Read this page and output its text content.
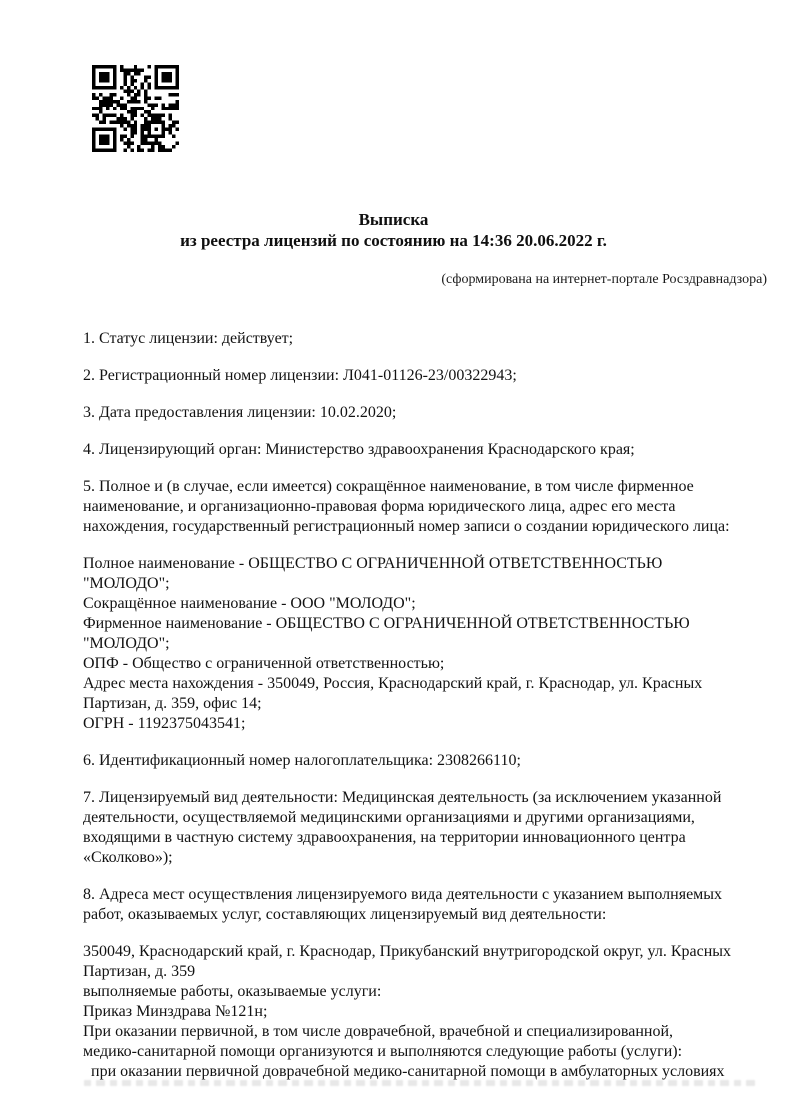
Выписка
из реестра лицензий по состоянию на 14:36 20.06.2022 г.
(сформирована на интернет-портале Росздравнадзора)
1. Статус лицензии: действует;
2. Регистрационный номер лицензии: Л041-01126-23/00322943;
3. Дата предоставления лицензии: 10.02.2020;
4. Лицензирующий орган: Министерство здравоохранения Краснодарского края;
5. Полное и (в случае, если имеется) сокращённое наименование, в том числе фирменное
наименование, и организационно-правовая форма юридического лица, адрес его места
нахождения, государственный регистрационный номер записи о создании юридического лица:
Полное наименование - ОБЩЕСТВО С ОГРАНИЧЕННОЙ ОТВЕТСТВЕННОСТЬЮ
"МОЛОДО";
Сокращённое наименование - ООО "МОЛОДО";
Фирменное наименование - ОБЩЕСТВО С ОГРАНИЧЕННОЙ ОТВЕТСТВЕННОСТЬЮ
"МОЛОДО";
ОПФ - Общество с ограниченной ответственностью;
Адрес места нахождения - 350049, Россия, Краснодарский край, г. Краснодар, ул. Красных
Партизан, д. 359, офис 14;
ОГРН - 1192375043541;
6. Идентификационный номер налогоплательщика: 2308266110;
7. Лицензируемый вид деятельности: Медицинская деятельность (за исключением указанной
деятельности, осуществляемой медицинскими организациями и другими организациями,
входящими в частную систему здравоохранения, на территории инновационного центра
«Сколково»);
8. Адреса мест осуществления лицензируемого вида деятельности с указанием выполняемых
работ, оказываемых услуг, составляющих лицензируемый вид деятельности:
350049, Краснодарский край, г. Краснодар, Прикубанский внутригородской округ, ул. Красных
Партизан, д. 359
выполняемые работы, оказываемые услуги:
Приказ Минздрава №121н;
При оказании первичной, в том числе доврачебной, врачебной и специализированной,
медико-санитарной помощи организуются и выполняются следующие работы (услуги):
при оказании первичной доврачебной медико-санитарной помощи в амбулаторных условиях
